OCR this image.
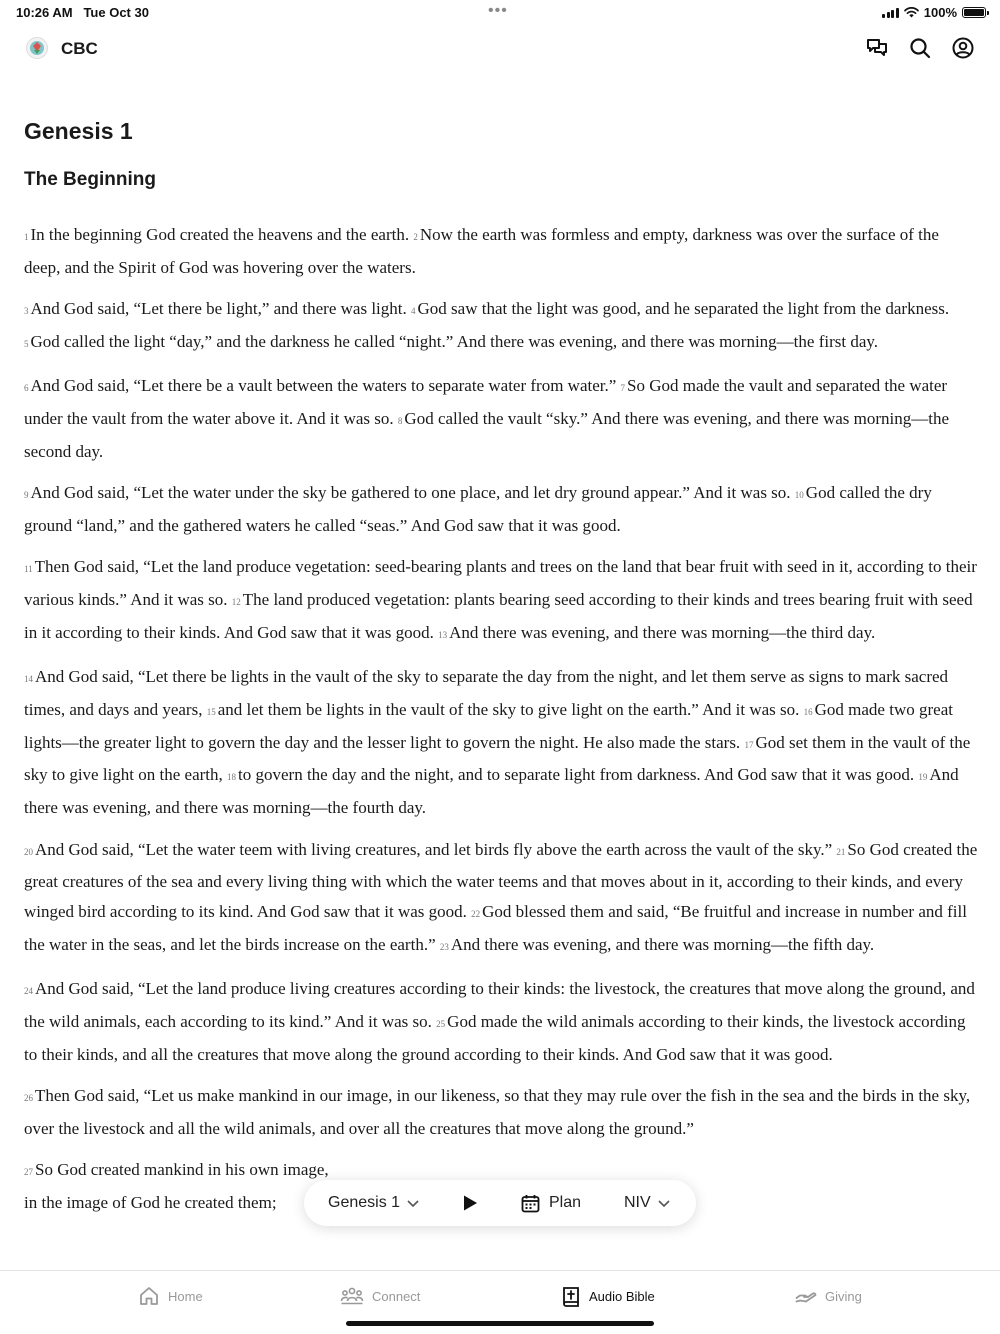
10:26 AM Tue Oct 30	•••	100%
CBC
Genesis 1
The Beginning

1 In the beginning God created the heavens and the earth. 2 Now the earth was formless and empty, darkness was over the surface of the deep, and the Spirit of God was hovering over the waters.

3 And God said, “Let there be light,” and there was light. 4 God saw that the light was good, and he separated the light from the darkness. 5 God called the light “day,” and the darkness he called “night.” And there was evening, and there was morning—the first day.

6 And God said, “Let there be a vault between the waters to separate water from water.” 7 So God made the vault and separated the water under the vault from the water above it. And it was so. 8 God called the vault “sky.” And there was evening, and there was morning—the second day.

9 And God said, “Let the water under the sky be gathered to one place, and let dry ground appear.” And it was so. 10 God called the dry ground “land,” and the gathered waters he called “seas.” And God saw that it was good.

11 Then God said, “Let the land produce vegetation: seed-bearing plants and trees on the land that bear fruit with seed in it, according to their various kinds.” And it was so. 12 The land produced vegetation: plants bearing seed according to their kinds and trees bearing fruit with seed in it according to their kinds. And God saw that it was good. 13 And there was evening, and there was morning—the third day.

14 And God said, “Let there be lights in the vault of the sky to separate the day from the night, and let them serve as signs to mark sacred times, and days and years, 15 and let them be lights in the vault of the sky to give light on the earth.” And it was so. 16 God made two great lights—the greater light to govern the day and the lesser light to govern the night. He also made the stars. 17 God set them in the vault of the sky to give light on the earth, 18 to govern the day and the night, and to separate light from darkness. And God saw that it was good. 19 And there was evening, and there was morning—the fourth day.

20 And God said, “Let the water teem with living creatures, and let birds fly above the earth across the vault of the sky.” 21 So God created the great creatures of the sea and every living thing with which the water teems and that moves about in it, according to their kinds, and every winged bird according to its kind. And God saw that it was good. 22 God blessed them and said, “Be fruitful and increase in number and fill the water in the seas, and let the birds increase on the earth.” 23 And there was evening, and there was morning—the fifth day.

24 And God said, “Let the land produce living creatures according to their kinds: the livestock, the creatures that move along the ground, and the wild animals, each according to its kind.” And it was so. 25 God made the wild animals according to their kinds, the livestock according to their kinds, and all the creatures that move along the ground according to their kinds. And God saw that it was good.

26 Then God said, “Let us make mankind in our image, in our likeness, so that they may rule over the fish in the sea and the birds in the sky, over the livestock and all the wild animals, and over all the creatures that move along the ground.”

27 So God created mankind in his own image,
in the image of God he created them;	Genesis 1	Plan	NIV
Home	Connect	Audio Bible	Giving
